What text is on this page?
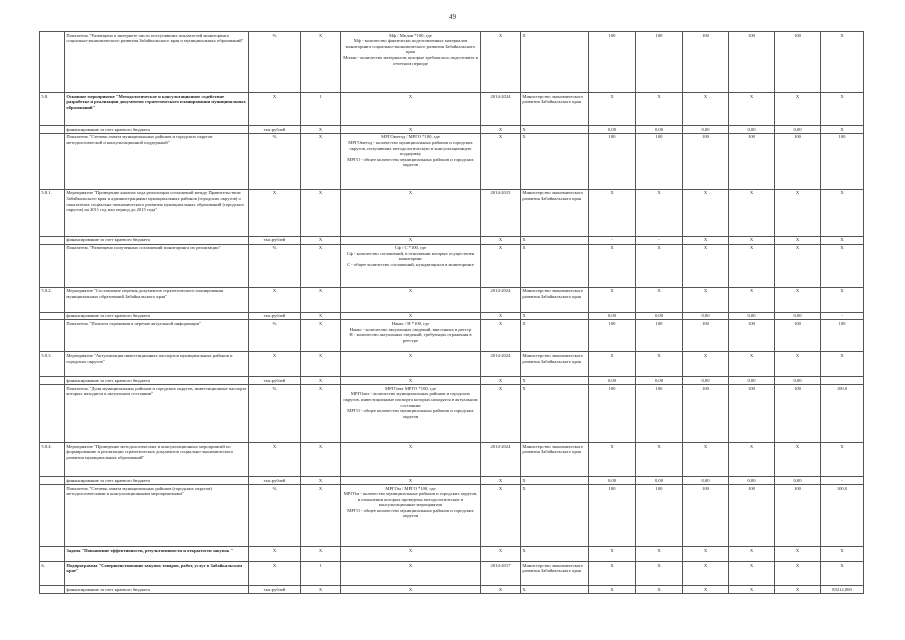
49
	Показатель "Размещено в интернете число поступивших показателей мониторинга социально-экономического развития Забайкальского края и муниципальных образований"	%	X	Мф / Мплан *100, где
Мф - количество фактически подготовленных материалов мониторинга социально-экономического развития Забайкальского края
Мплан - количество материалов, которые требовалось подготовить в отчетном периоде	X	X	100	100	100	100	100	X
5.8.	Основное мероприятие "Методологическое и консультационное содействие разработке и реализации документов стратегического планирования муниципальных образований"	X	1	X	2014-2024	Министерство экономического развития Забайкальского края	X	X	X	X	X	X
	финансирование за счет краевого бюджета	тыс.рублей	X	X	X	X	0,00	0,00	0,00	0,00	0,00	X
	Показатель "Степень охвата муниципальных районов и городских округов методологической и консультационной поддержкой"	%	X	МРГОметод / МРГО *100, где
МРГОметод - количество муниципальных районов и городских округов, получивших методологическую и консультационную поддержку
МРГО - общее количество муниципальных районов и городских округов	X	X	100	100	100	100	100	100
5.8.1.	Мероприятие "Проведение анализа хода реализации соглашений между Правительством Забайкальского края и администрациями муниципальных районов (городских округов) о показателях социально-экономического развития муниципальных образований (городских округов) на 2011 год или период до 2015 года"	X	X	X	2014-2015	Министерство экономического развития Забайкальского края	X	X	X	X	X	X
	финансирование за счет краевого бюджета	тыс.рублей	X	X	X	X	-	-	X	X	X	X
	Показатель "Размещено полученных соглашений мониторинга их реализации"	%	X	Сф / С *100, где
Сф - количество соглашений, в отношении которых осуществлен мониторинг
С - общее количество соглашений, нуждающихся в мониторинге	X	X	X	X	X	X	X	X
5.8.2.	Мероприятие "Составление перечня документов стратегического планирования муниципальных образований Забайкальского края"	X	X	X	2014-2024	Министерство экономического развития Забайкальского края	X	X	X	X	X	X
	финансирование за счет краевого бюджета	тыс.рублей	X	X	X	X	0,00	0,00	0,00	0,00	0,00	-
	Показатель "Полнота отражения в перечне актуальной информации"	%	X	Нанкс / Н *100, где
Нанкс - количество актуальных сведений, внесенных в реестр
Н - количество актуальных сведений, требующих отражения в реестре	X	X	100	100	100	100	100	100
5.8.3.	Мероприятие "Актуализация инвестиционных паспортов муниципальных районов и городских округов"	X	X	X	2014-2024	Министерство экономического развития Забайкальского края	X	X	X	X	X	X
	финансирование за счет краевого бюджета	тыс.рублей	X	X	X	X	0,00	0,00	0,00	0,00	0,00	
	Показатель "Доля муниципальных районов и городских округов, инвестиционные паспорта которых находятся в актуальном состоянии"	%	X	МРГОакт МРГО *100, где
МРГОакт - количество муниципальных районов и городских округов, инвестиционные паспорта которых находятся в актуальном состоянии
МРГО - общее количество муниципальных районов и городских округов	X	X	100	100	100	100	100	100,0
5.8.4.	Мероприятие "Проведение методологических и консультационных мероприятий по формированию и реализации стратегических документов социально-экономического развития муниципальных образований"	X	X	X	2014-2024	Министерство экономического развития Забайкальского края	X	X	X	X	X	X
	финансирование за счет краевого бюджета	тыс.рублей	X	X	X	X	0,00	0,00	0,00	0,00	0,00	-
	Показатель "Степень охвата муниципальных районов (городских округов) методологическими и консультационными мероприятиями"	%	X	МРГОм / МРГО *100, где
МРГОм - количество муниципальных районов и городских округов, в отношении которых проведены методологические и консультационные мероприятия
МРГО - общее количество муниципальных районов и городских округов	X	X	100	100	100	100	100	100,0
	Задача "Повышение эффективности, результативности и открытости закупок "	X	X	X	X	X	X	X	X	X	X	X
6.	Подпрограмма "Совершенствование закупок товаров, работ, услуг в Забайкальском крае"	X	1	X	2014-2017	Министерство экономического развития Забайкальского края	X	X	X	X	X	X
	финансирование за счет краевого бюджета	тыс.рублей	X	X	X	X	X	X	X	X	X	83212,000
